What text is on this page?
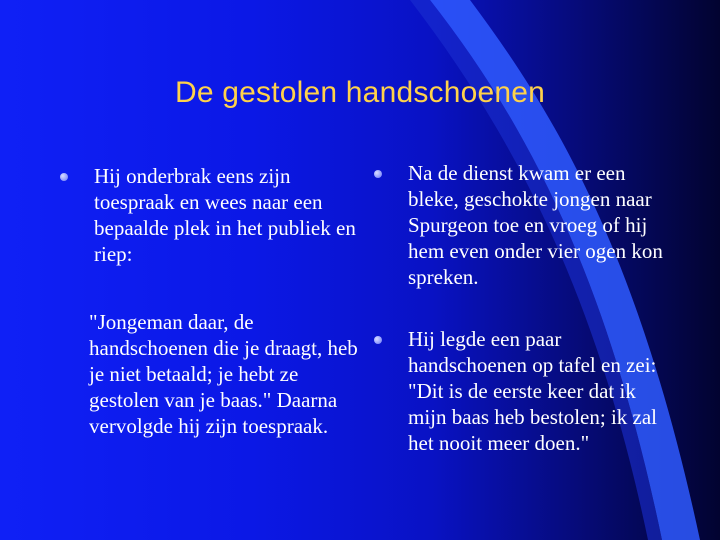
De gestolen handschoenen
Hij onderbrak eens zijn toespraak en wees naar een bepaalde plek in het publiek en riep:
"Jongeman daar, de handschoenen die je draagt, heb je niet betaald; je hebt ze gestolen van je baas." Daarna vervolgde hij zijn toespraak.
Na de dienst kwam er een bleke, geschokte jongen naar Spurgeon toe en vroeg of hij hem even onder vier ogen kon spreken.
Hij legde een paar handschoenen op tafel en zei: "Dit is de eerste keer dat ik mijn baas heb bestolen; ik zal het nooit meer doen."
